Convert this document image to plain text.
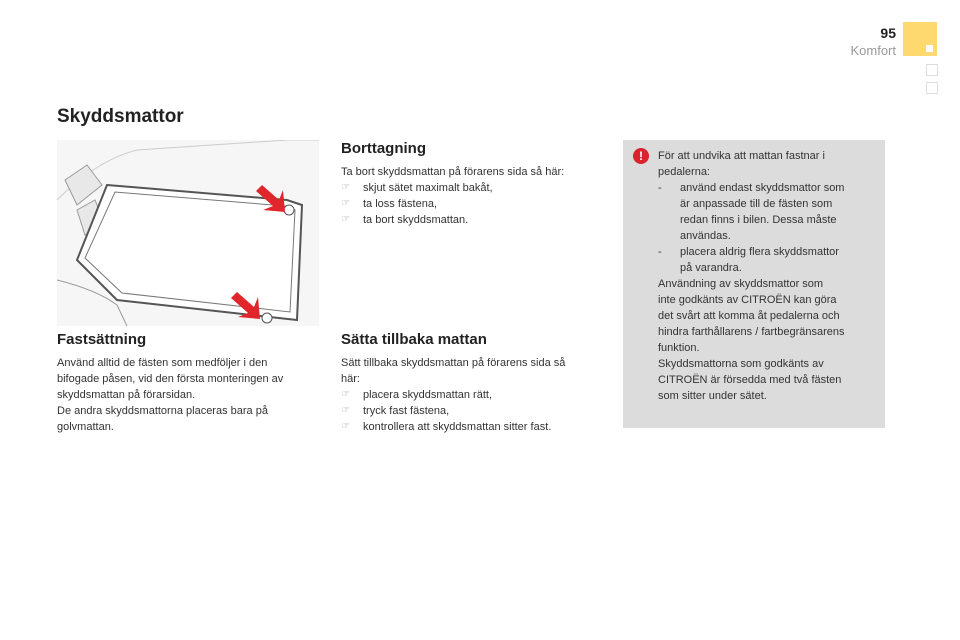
95
Komfort
Skyddsmattor
Fastsättning
Använd alltid de fästen som medföljer i den
bifogade påsen, vid den första monteringen av
skyddsmattan på förarsidan.
De andra skyddsmattorna placeras bara på
golvmattan.
Borttagning
Ta bort skyddsmattan på förarens sida så här:
☞ skjut sätet maximalt bakåt,
☞ ta loss fästena,
☞ ta bort skyddsmattan.
Sätta tillbaka mattan
Sätt tillbaka skyddsmattan på förarens sida så
här:
☞ placera skyddsmattan rätt,
☞ tryck fast fästena,
☞ kontrollera att skyddsmattan sitter fast.
!	För att undvika att mattan fastnar i
pedalerna:
- använd endast skyddsmattor som
är anpassade till de fästen som
redan finns i bilen. Dessa måste
användas.
- placera aldrig flera skyddsmattor
på varandra.
Användning av skyddsmattor som
inte godkänts av CITROËN kan göra
det svårt att komma åt pedalerna och
hindra farthållarens / fartbegränsarens
funktion.
Skyddsmattorna som godkänts av
CITROËN är försedda med två fästen
som sitter under sätet.
